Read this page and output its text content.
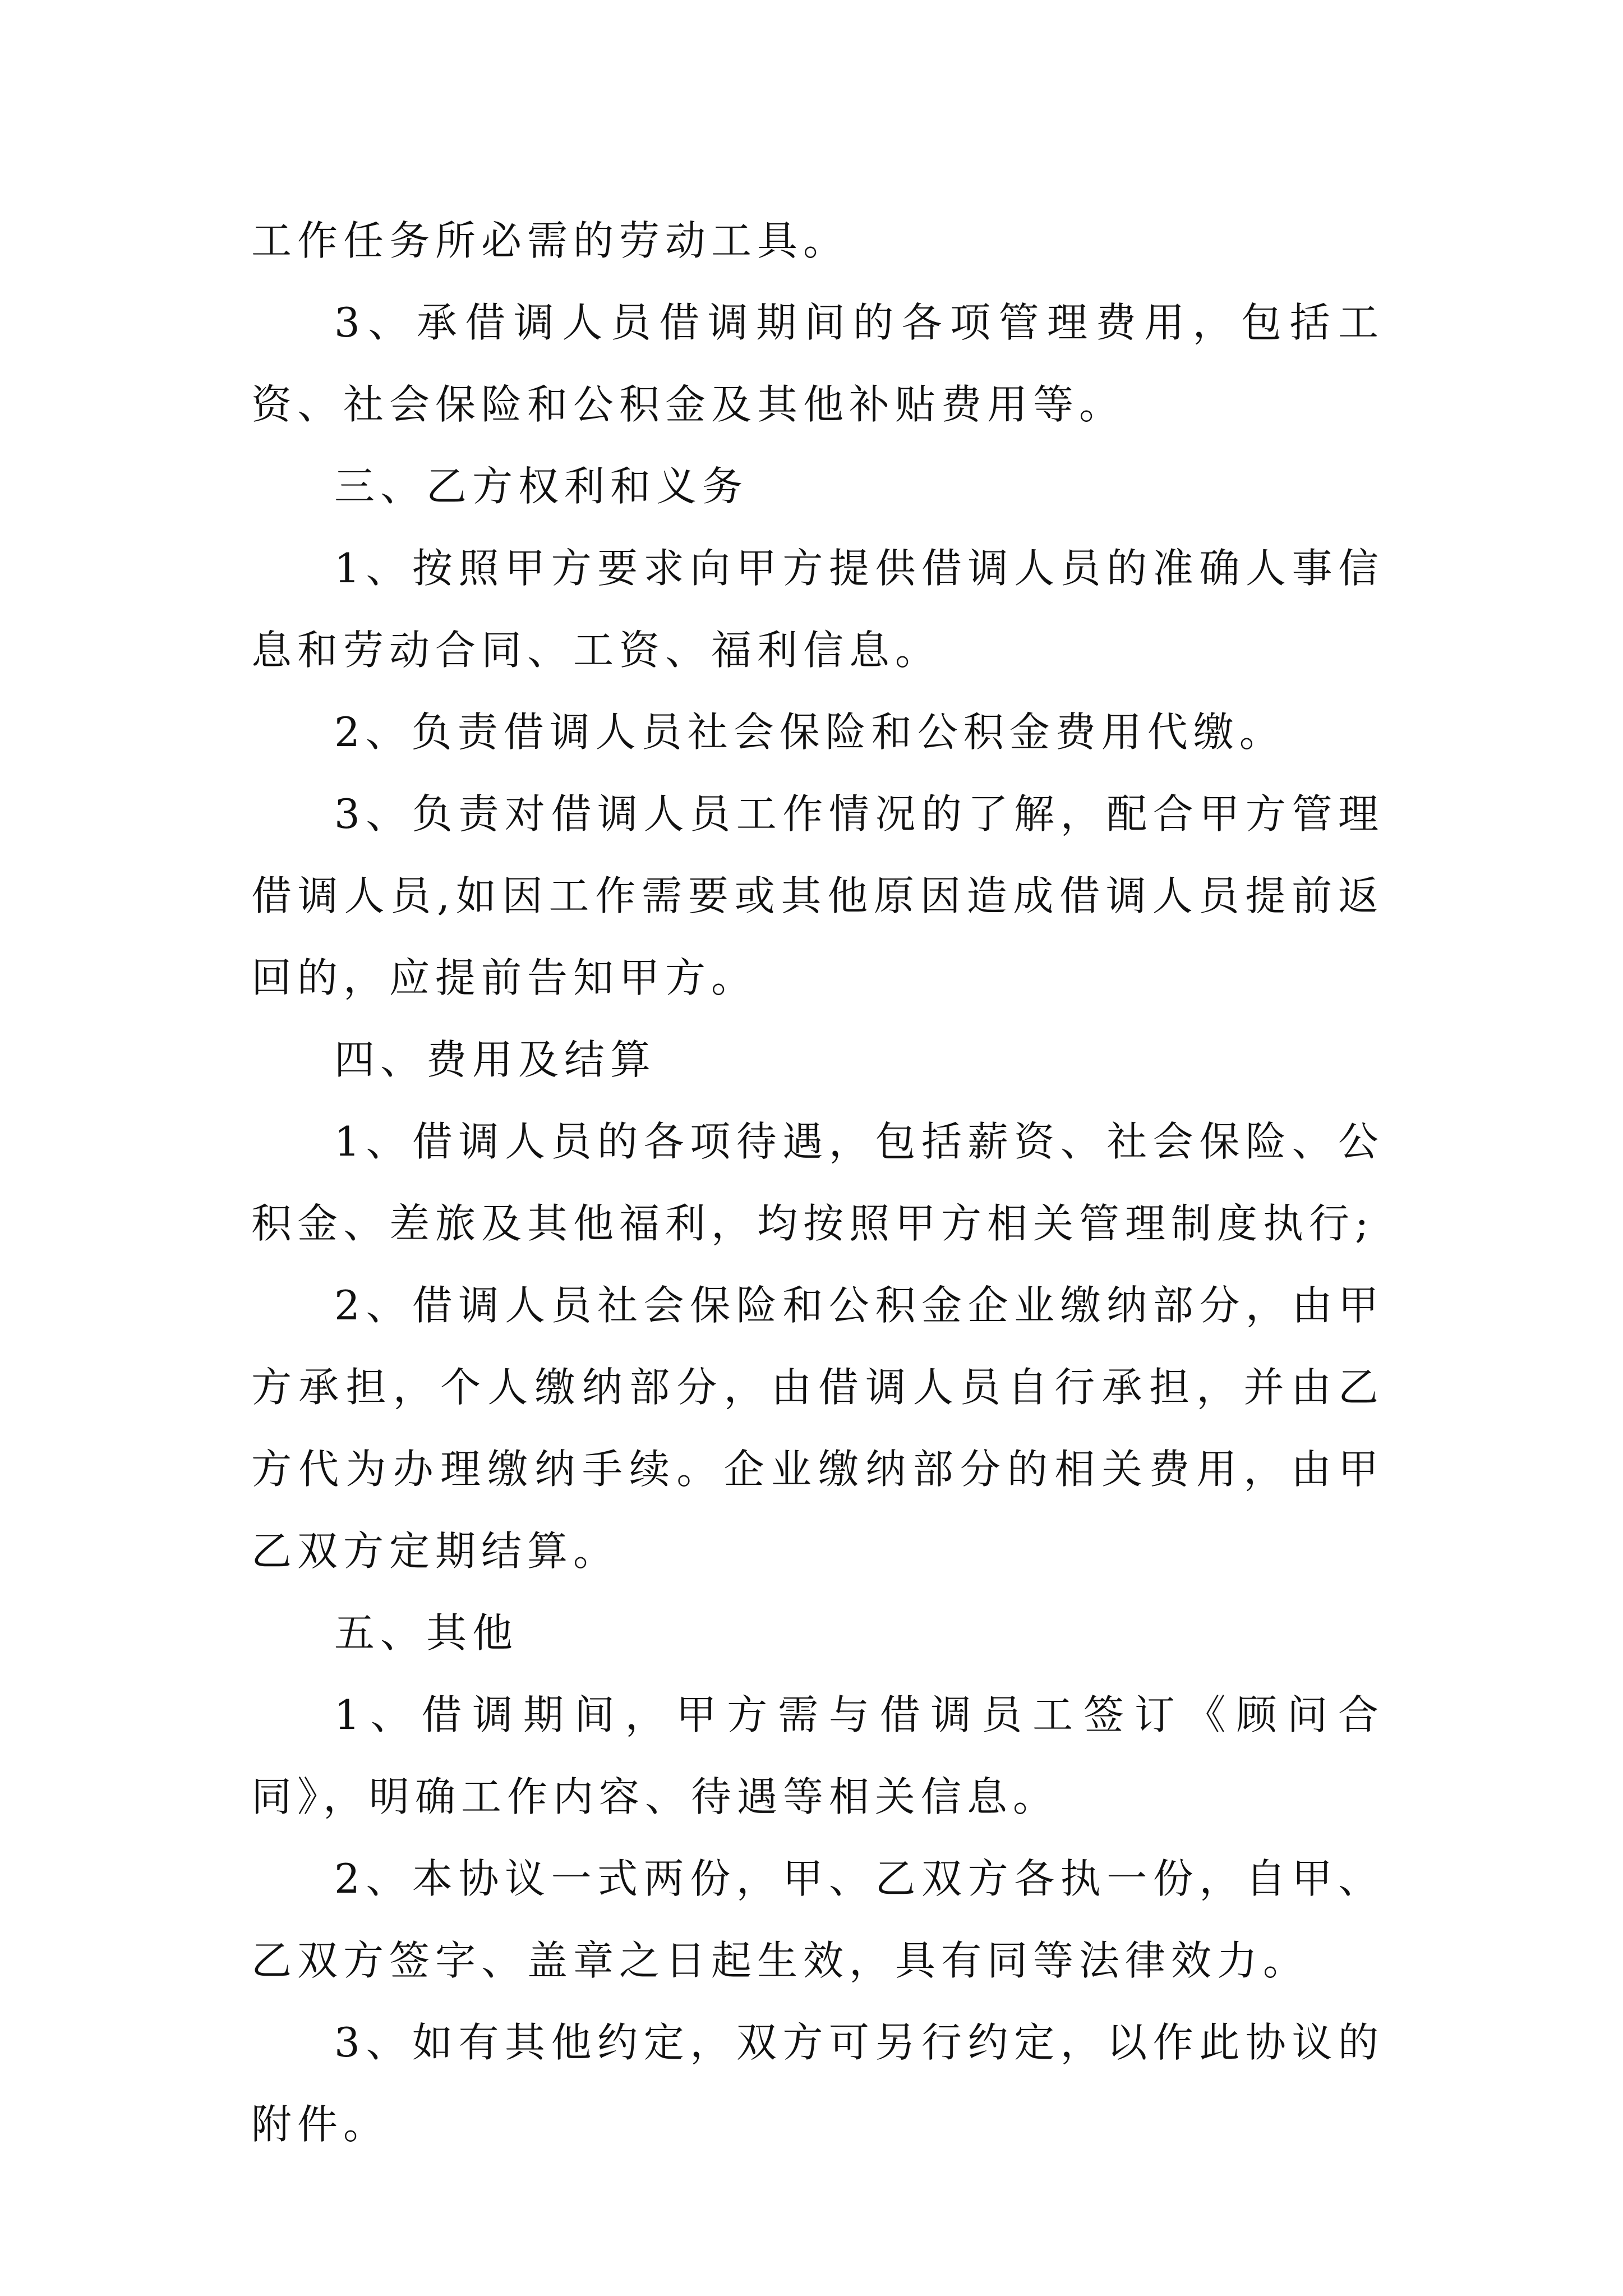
工作任务所必需的劳动工具。

3、承借调人员借调期间的各项管理费用，包括工资、社会保险和公积金及其他补贴费用等。

三、乙方权利和义务

1、按照甲方要求向甲方提供借调人员的准确人事信息和劳动合同、工资、福利信息。

2、负责借调人员社会保险和公积金费用代缴。

3、负责对借调人员工作情况的了解，配合甲方管理借调人员,如因工作需要或其他原因造成借调人员提前返回的，应提前告知甲方。

四、费用及结算

1、借调人员的各项待遇，包括薪资、社会保险、公积金、差旅及其他福利，均按照甲方相关管理制度执行;

2、借调人员社会保险和公积金企业缴纳部分，由甲方承担，个人缴纳部分，由借调人员自行承担，并由乙方代为办理缴纳手续。企业缴纳部分的相关费用，由甲乙双方定期结算。

五、其他

1、借调期间，甲方需与借调员工签订《顾问合同》，明确工作内容、待遇等相关信息。

2、本协议一式两份，甲、乙双方各执一份，自甲、乙双方签字、盖章之日起生效，具有同等法律效力。

3、如有其他约定，双方可另行约定，以作此协议的附件。
